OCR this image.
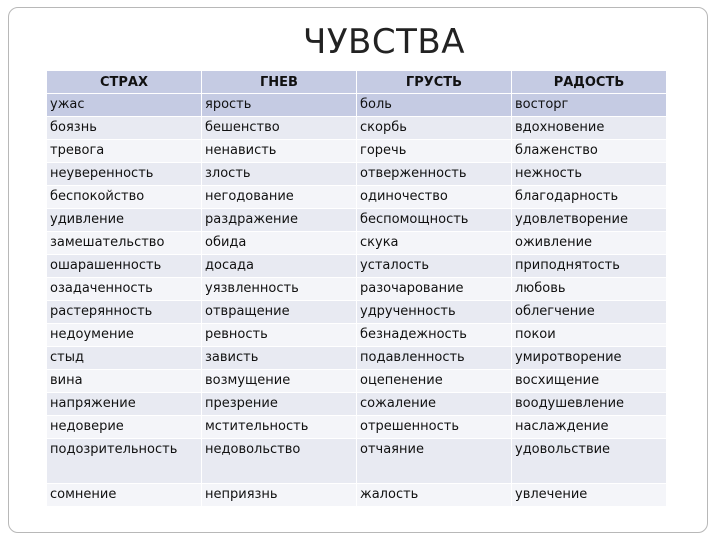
ЧУВСТВА
СТРАХ	ГНЕВ	ГРУСТЬ	РАДОСТЬ
ужас	ярость	боль	восторг
боязнь	бешенство	скорбь	вдохновение
тревога	ненависть	горечь	блаженство
неуверенность	злость	отверженность	нежность
беспокойство	негодование	одиночество	благодарность
удивление	раздражение	беспомощность	удовлетворение
замешательство	обида	скука	оживление
ошарашенность	досада	усталость	приподнятость
озадаченность	уязвленность	разочарование	любовь
растерянность	отвращение	удрученность	облегчение
недоумение	ревность	безнадежность	покои
стыд	зависть	подавленность	умиротворение
вина	возмущение	оцепенение	восхищение
напряжение	презрение	сожаление	воодушевление
недоверие	мстительность	отрешенность	наслаждение
подозрительность	недовольство	отчаяние	удовольствие
сомнение	неприязнь	жалость	увлечение
